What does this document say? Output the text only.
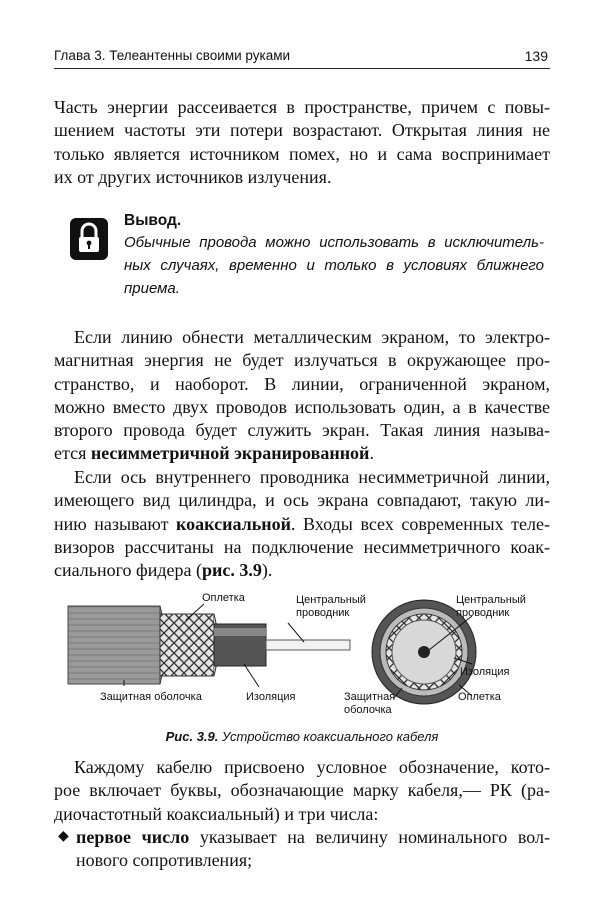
Глава 3. Телеантенны своими руками	139
Часть энергии рассеивается в пространстве, причем с повы-
шением частоты эти потери возрастают. Открытая линия не
только является источником помех, но и сама воспринимает
их от других источников излучения.
Вывод.
Обычные провода можно использовать в исключитель-
ных случаях, временно и только в условиях ближнего
приема.
Если линию обнести металлическим экраном, то электро-
магнитная энергия не будет излучаться в окружающее про-
странство, и наоборот. В линии, ограниченной экраном,
можно вместо двух проводов использовать один, а в качестве
второго провода будет служить экран. Такая линия называ-
ется несимметричной экранированной.
Если ось внутреннего проводника несимметричной линии,
имеющего вид цилиндра, и ось экрана совпадают, такую ли-
нию называют коаксиальной. Входы всех современных теле-
визоров рассчитаны на подключение несимметричного коак-
сиального фидера (рис. 3.9).
Оплетка	Центральный
проводник
Защитная оболочка	Изоляция
Центральный
проводник
Изоляция
Защитная
оболочка
Оплетка
Рис. 3.9. Устройство коаксиального кабеля
Каждому кабелю присвоено условное обозначение, кото-
рое включает буквы, обозначающие марку кабеля,— РК (ра-
диочастотный коаксиальный) и три числа:
◆ первое число указывает на величину номинального вол-
нового сопротивления;
